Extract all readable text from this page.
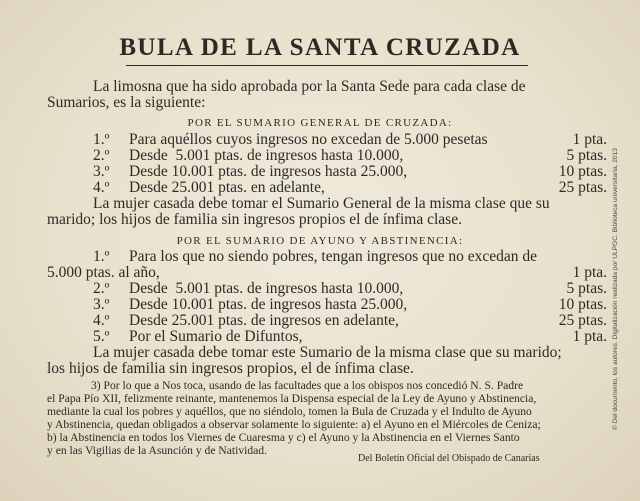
BULA DE LA SANTA CRUZADA
La limosna que ha sido aprobada por la Santa Sede para cada clase de
Sumarios, es la siguiente:
POR EL SUMARIO GENERAL DE CRUZADA:
1.º Para aquéllos cuyos ingresos no excedan de 5.000 pesetas	1 pta.
2.º Desde  5.001 ptas. de ingresos hasta 10.000,	5 ptas.
3.º Desde 10.001 ptas. de ingresos hasta 25.000,	10 ptas.
4.º Desde 25.001 ptas. en adelante,	25 ptas.
La mujer casada debe tomar el Sumario General de la misma clase que su
marido; los hijos de familia sin ingresos propios el de ínfima clase.
POR EL SUMARIO DE AYUNO Y ABSTINENCIA:
1.º Para los que no siendo pobres, tengan ingresos que no excedan de
5.000 ptas. al año,	1 pta.
2.º Desde  5.001 ptas. de ingresos hasta 10.000,	5 ptas.
3.º Desde 10.001 ptas. de ingresos hasta 25.000,	10 ptas.
4.º Desde 25.001 ptas. de ingresos en adelante,	25 ptas.
5.º Por el Sumario de Difuntos,	1 pta.
La mujer casada debe tomar este Sumario de la misma clase que su marido;
los hijos de familia sin ingresos propios, el de ínfima clase.
3) Por lo que a Nos toca, usando de las facultades que a los obispos nos concedió N. S. Padre
el Papa Pío XII, felizmente reinante, mantenemos la Dispensa especial de la Ley de Ayuno y Abstinencia,
mediante la cual los pobres y aquéllos, que no siéndolo, tomen la Bula de Cruzada y el Indulto de Ayuno
y Abstinencia, quedan obligados a observar solamente lo siguiente: a) el Ayuno en el Miércoles de Ceniza;
b) la Abstinencia en todos los Viernes de Cuaresma y c) el Ayuno y la Abstinencia en el Viernes Santo
y en las Vigilias de la Asunción y de Natividad.
Del Boletín Oficial del Obispado de Canarias
© Del documento, los autores. Digitalización realizada por ULPGC. Biblioteca universitaria, 2013
